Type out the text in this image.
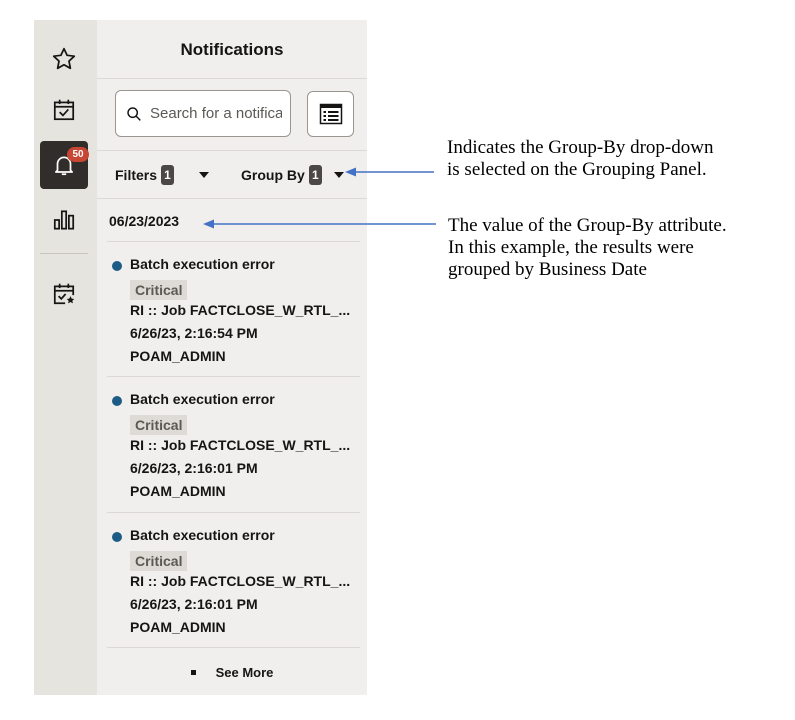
50
Notifications
Search for a notifica
Filters 1	Group By 1
06/23/2023
Batch execution error
Critical
RI :: Job FACTCLOSE_W_RTL_...
6/26/23, 2:16:54 PM
POAM_ADMIN
Batch execution error
Critical
RI :: Job FACTCLOSE_W_RTL_...
6/26/23, 2:16:01 PM
POAM_ADMIN
Batch execution error
Critical
RI :: Job FACTCLOSE_W_RTL_...
6/26/23, 2:16:01 PM
POAM_ADMIN
See More
Indicates the Group-By drop-down
is selected on the Grouping Panel.
The value of the Group-By attribute.
In this example, the results were
grouped by Business Date
